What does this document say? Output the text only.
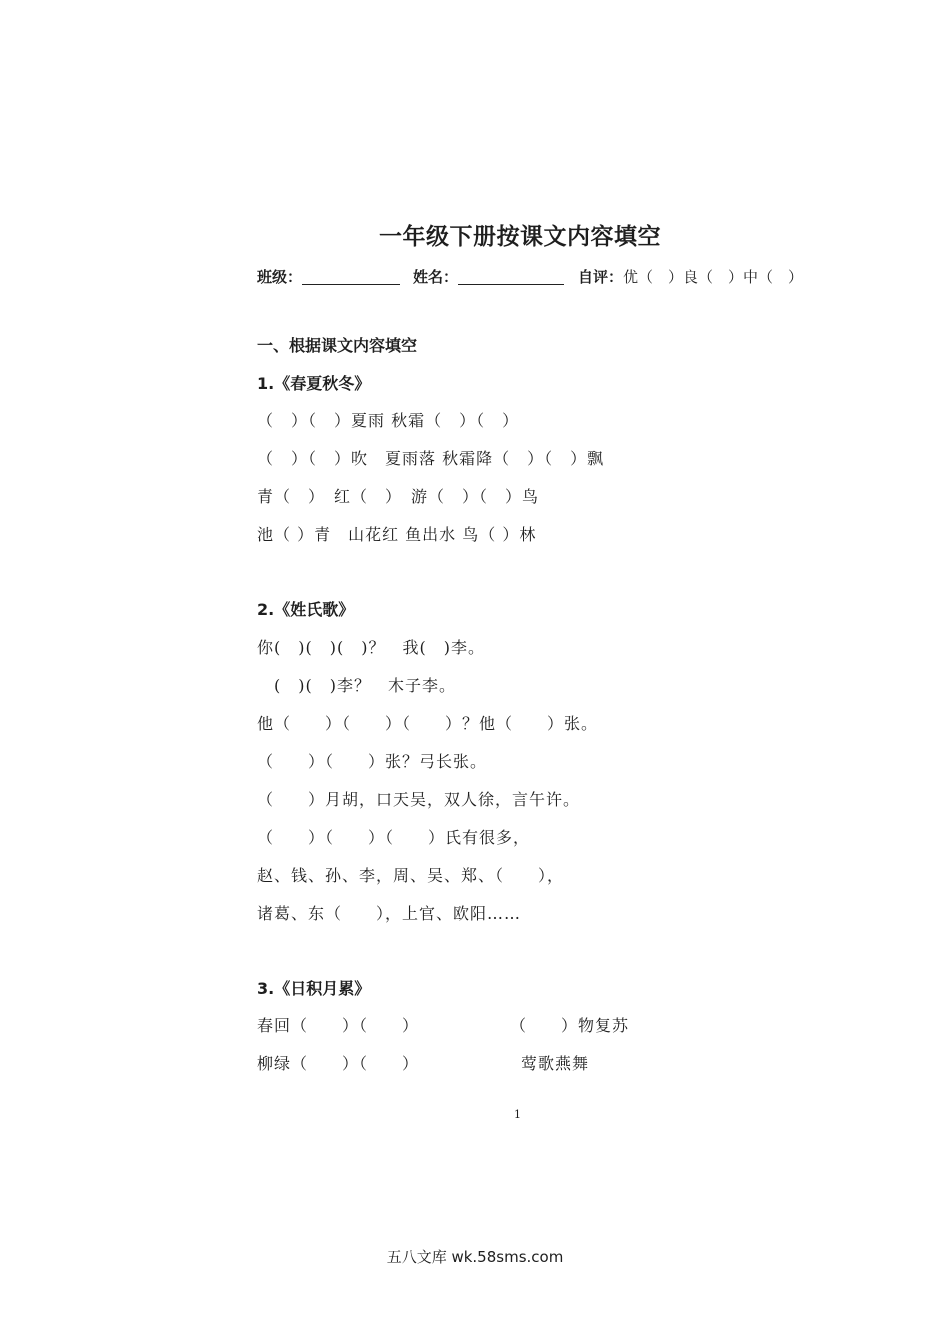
一年级下册按课文内容填空
班级：	姓名：	自评：优（　）良（　）中（　）
一、根据课文内容填空
1.《春夏秋冬》
（　）（　）夏雨 秋霜（　）（　）
（　）（　）吹　夏雨落 秋霜降（　）（　）飘
青（　）　红（　）　游（　）（　）鸟
池（ ）青　山花红 鱼出水 鸟（ ）林
2.《姓氏歌》
你(　)(　)(　)？　我(　)李。
　(　)(　)李？　木子李。
他（　　）（　　）（　　）？他（　　）张。
（　　）（　　）张？弓长张。
（　　）月胡，口天吴，双人徐，言午许。
（　　）（　　）（　　）氏有很多，
赵、钱、孙、李，周、吴、郑、（　　），
诸葛、东（　　），上官、欧阳……
3.《日积月累》
春回（　　）（　　）	（　　）物复苏
柳绿（　　）（　　）	莺歌燕舞
1
五八文库 wk.58sms.com
